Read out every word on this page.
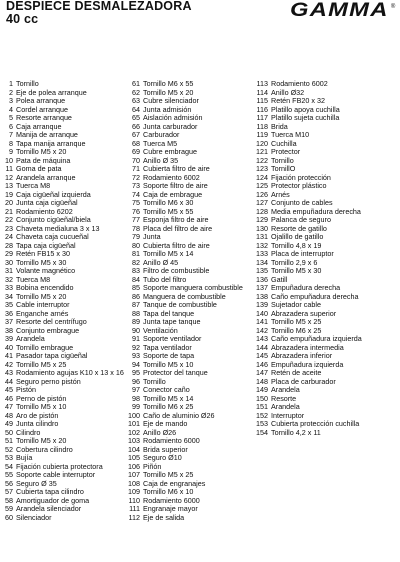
DESPIECE DESMALEZADORA
40 cc	GAMMA ®
1 Tornillo
2 Eje de polea arranque
3 Polea arranque
4 Cordel arranque
5 Resorte arranque
6 Caja arranque
7 Manija de arranque
8 Tapa manija arranque
9 Tornillo M5 x 20
10 Pata de máquina
11 Goma de pata
12 Arandela arranque
13 Tuerca M8
19 Caja cigüeñal izquierda
20 Junta caja cigüeñal
21 Rodamiento 6202
22 Conjunto cigüeñal/biela
23 Chaveta medialuna 3 x 13
24 Chaveta caja cucueñal
28 Tapa caja cigüeñal
29 Retén FB15 x 30
30 Tornillo M5 x 30
31 Volante magnético
32 Tuerca M8
33 Bobina encendido
34 Tornillo M5 x 20
35 Cable interruptor
36 Enganche arnés
37 Resorte del centrífugo
38 Conjunto embrague
39 Arandela
40 Tornillo embrague
41 Pasador tapa cigüeñal
42 Tornillo M5 x 25
43 Rodamiento agujas K10 x 13 x 16
44 Seguro perno pistón
45 Pistón
46 Perno de pistón
47 Tornillo M5 x 10
48 Aro de pistón
49 Junta cilindro
50 Cilindro
51 Tornillo M5 x 20
52 Cobertura cilindro
53 Bujía
54 Fijación cubierta protectora
55 Soporte cable interruptor
56 Seguro Ø 35
57 Cubierta tapa cilindro
58 Amortiguador de goma
59 Arandela silenciador
60 Silenciador
61 Tornillo M6 x 55
62 Tornillo M5 x 20
63 Cubre silenciador
64 Junta admisión
65 Aislación admisión
66 Junta carburador
67 Carburador
68 Tuerca M5
69 Cubre embrague
70 Anillo Ø 35
71 Cubierta filtro de aire
72 Rodamiento 6002
73 Soporte filtro de aire
74 Caja de embrague
75 Tornillo M6 x 30
76 Tornillo M5 x 55
77 Esponja filtro de aire
78 Placa del filtro de aire
79 Junta
80 Cubierta filtro de aire
81 Tornillo M5 x 14
82 Anillo Ø 45
83 Filtro de combustible
84 Tubo del filtro
85 Soporte manguera combustible
86 Manguera de combustible
87 Tanque de combustible
88 Tapa del tanque
89 Junta tape tanque
90 Ventilación
91 Soporte ventilador
92 Tapa ventilador
93 Soporte de tapa
94 Tornillo M5 x 10
95 Protector del tanque
96 Tornillo
97 Conector caño
98 Tornillo M5 x 14
99 Tornillo M6 x 25
100 Caño de aluminio Ø26
101 Eje de mando
102 Anillo Ø26
103 Rodamiento 6000
104 Brida superior
105 Seguro Ø10
106 Piñón
107 Tornillo M5 x 25
108 Caja de engranajes
109 Tornillo M6 x 10
110 Rodamiento 6000
111 Engranaje mayor
112 Eje de salida
113 Rodamiento 6002
114 Anillo Ø32
115 Retén FB20 x 32
116 Platillo apoya cuchilla
117 Platillo sujeta cuchilla
118 Brida
119 Tuerca M10
120 Cuchilla
121 Protector
122 Tornillo
123 TornillO
124 Fijación protección
125 Protector plástico
126 Arnés
127 Conjunto de cables
128 Media empuñadura derecha
129 Palanca de seguro
130 Resorte de gatillo
131 Ojalillo de gatillo
132 Tornillo 4,8 x 19
133 Placa de interruptor
134 Tornillo 2,9 x 6
135 Tornillo M5 x 30
136 Gatill
137 Empuñadura derecha
138 Caño empuñadura derecha
139 Sujetador cable
140 Abrazadera superior
141 Tornillo M5 x 25
142 Tornillo M6 x 25
143 Caño empuñadura izquierda
144 Abrazadera intermedia
145 Abrazadera inferior
146 Empuñadura izquierda
147 Retén de aceite
148 Placa de carburador
149 Arandela
150 Resorte
151 Arandela
152 Interruptor
153 Cubierta protección cuchilla
154 Tornillo 4,2 x 11
